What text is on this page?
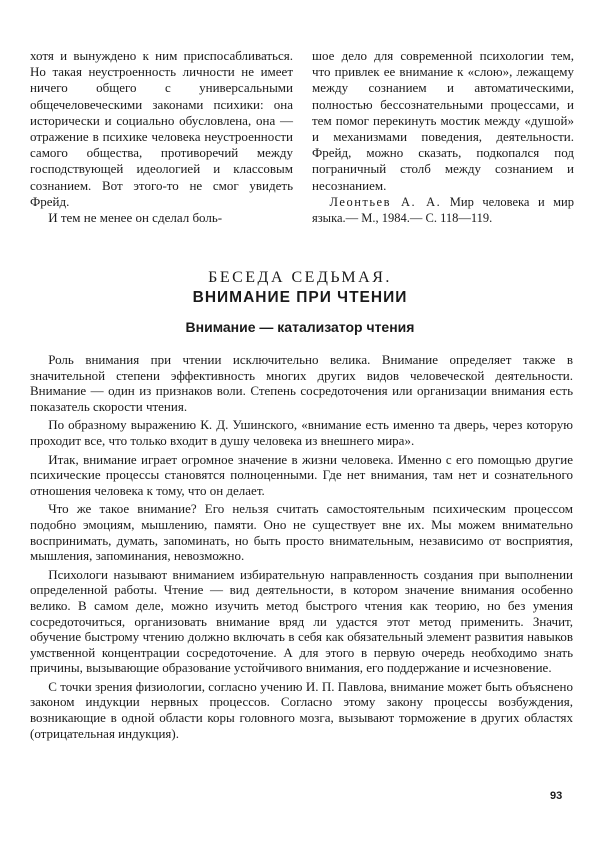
хотя и вынуждено к ним приспосабливаться. Но такая неустроенность личности не имеет ничего общего с универсальными общечеловеческими законами психики: она исторически и социально обусловлена, она — отражение в психике человека неустроенности самого общества, противоречий между господствующей идеологией и классовым сознанием. Вот этого-то не смог увидеть Фрейд.

И тем не менее он сделал боль-

шое дело для современной психологии тем, что привлек ее внимание к «слою», лежащему между сознанием и автоматическими, полностью бессознательными процессами, и тем помог перекинуть мостик между «душой» и механизмами поведения, деятельности. Фрейд, можно сказать, подкопался под пограничный столб между сознанием и несознанием.

Леонтьев А. А. Мир человека и мир языка.— М., 1984.— С. 118—119.

БЕСЕДА СЕДЬМАЯ.
ВНИМАНИЕ ПРИ ЧТЕНИИ
Внимание — катализатор чтения

Роль внимания при чтении исключительно велика. Внимание определяет также в значительной степени эффективность многих других видов человеческой деятельности. Внимание — один из признаков воли. Степень сосредоточения или организации внимания есть показатель скорости чтения.

По образному выражению К. Д. Ушинского, «внимание есть именно та дверь, через которую проходит все, что только входит в душу человека из внешнего мира».

Итак, внимание играет огромное значение в жизни человека. Именно с его помощью другие психические процессы становятся полноценными. Где нет внимания, там нет и сознательного отношения человека к тому, что он делает.

Что же такое внимание? Его нельзя считать самостоятельным психическим процессом подобно эмоциям, мышлению, памяти. Оно не существует вне их. Мы можем внимательно воспринимать, думать, запоминать, но быть просто внимательным, независимо от восприятия, мышления, запоминания, невозможно.

Психологи называют вниманием избирательную направленность создания при выполнении определенной работы. Чтение — вид деятельности, в котором значение внимания особенно велико. В самом деле, можно изучить метод быстрого чтения как теорию, но без умения сосредоточиться, организовать внимание вряд ли удастся этот метод применить. Значит, обучение быстрому чтению должно включать в себя как обязательный элемент развития навыков умственной концентрации сосредоточение. А для этого в первую очередь необходимо знать причины, вызывающие образование устойчивого внимания, его поддержание и исчезновение.

С точки зрения физиологии, согласно учению И. П. Павлова, внимание может быть объяснено законом индукции нервных процессов. Согласно этому закону процессы возбуждения, возникающие в одной области коры головного мозга, вызывают торможение в других областях (отрицательная индукция).

93
